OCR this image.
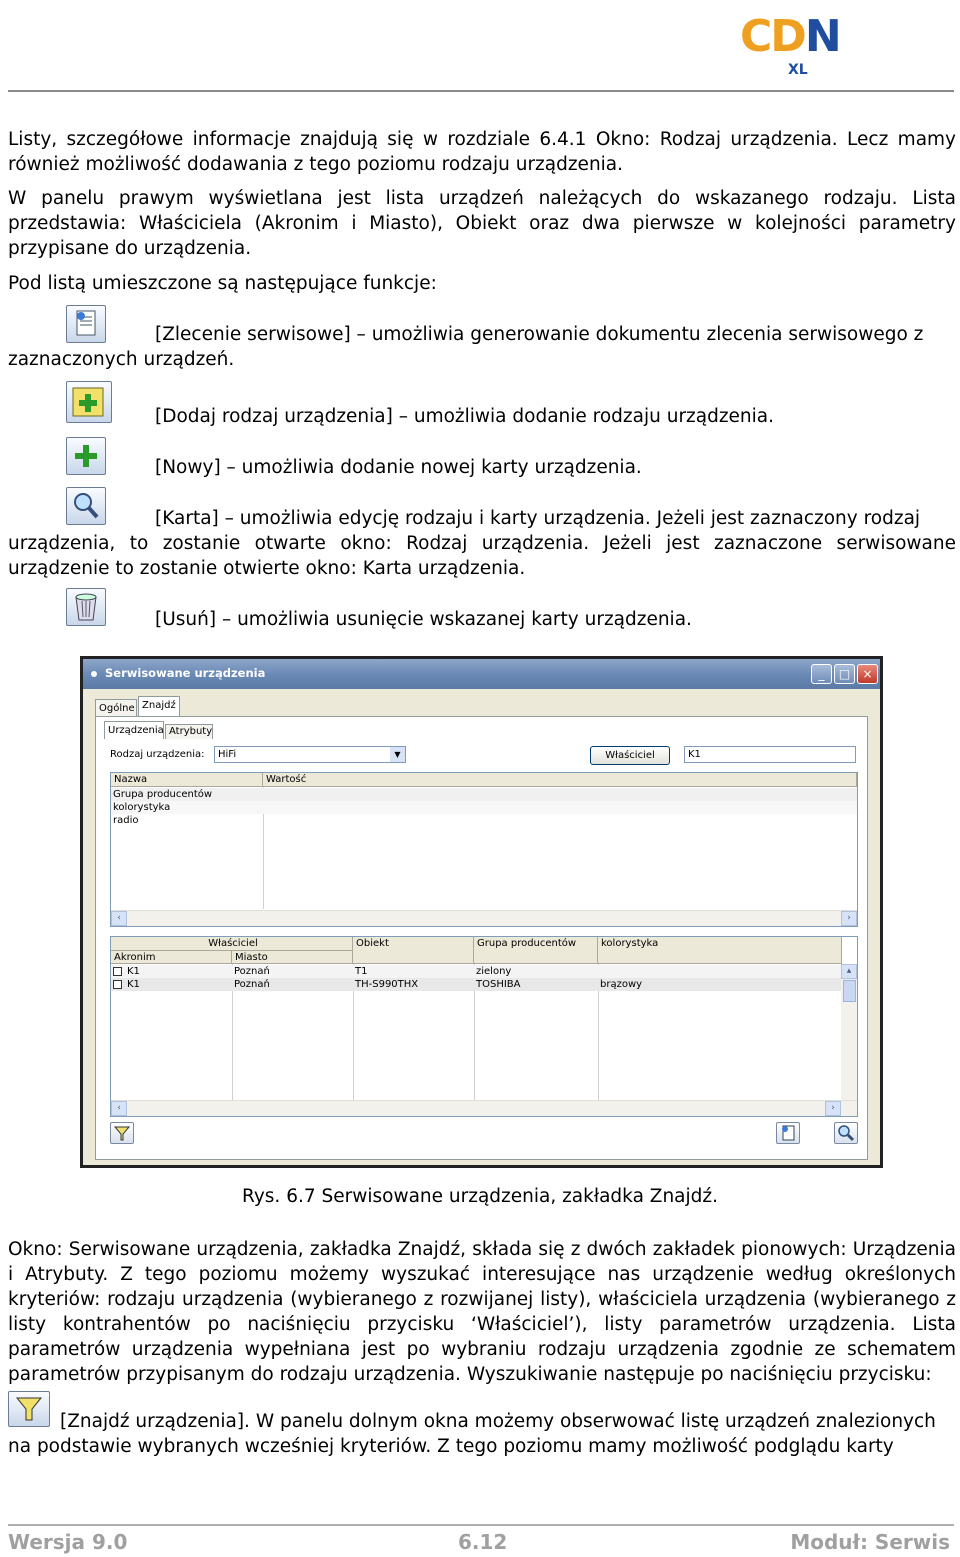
CDN
XL
Listy, szczegółowe informacje znajdują się w rozdziale 6.4.1 Okno: Rodzaj urządzenia. Lecz mamy również możliwość dodawania z tego poziomu rodzaju urządzenia.
W panelu prawym wyświetlana jest lista urządzeń należących do wskazanego rodzaju. Lista przedstawia: Właściciela (Akronim i Miasto), Obiekt oraz dwa pierwsze w kolejności parametry przypisane do urządzenia.
Pod listą umieszczone są następujące funkcje:
[Zlecenie serwisowe] – umożliwia generowanie dokumentu zlecenia serwisowego z
zaznaczonych urządzeń.
[Dodaj rodzaj urządzenia] – umożliwia dodanie rodzaju urządzenia.
[Nowy] – umożliwia dodanie nowej karty urządzenia.
[Karta] – umożliwia edycję rodzaju i karty urządzenia. Jeżeli jest zaznaczony rodzaj
urządzenia, to zostanie otwarte okno: Rodzaj urządzenia. Jeżeli jest zaznaczone serwisowane urządzenie to zostanie otwierte okno: Karta urządzenia.
[Usuń] – umożliwia usunięcie wskazanej karty urządzenia.
Serwisowane urządzenia	_	□	×
Ogólne Znajdź
Urządzenia Atrybuty
Rodzaj urządzenia:	HiFi	▼	Właściciel	K1
Nazwa	Wartość
Grupa producentów
kolorystyka
radio
‹	›
Właściciel	Obiekt	Grupa producentów	kolorystyka
Akronim	Miasto
K1	Poznań	T1	zielony
K1	Poznań	TH-S990THX	TOSHIBA	brązowy
▴
‹	›
Rys. 6.7 Serwisowane urządzenia, zakładka Znajdź.
Okno: Serwisowane urządzenia, zakładka Znajdź, składa się z dwóch zakładek pionowych: Urządzenia i Atrybuty. Z tego poziomu możemy wyszukać interesujące nas urządzenie według określonych kryteriów: rodzaju urządzenia (wybieranego z rozwijanej listy), właściciela urządzenia (wybieranego z listy kontrahentów po naciśnięciu przycisku ‘Właściciel’), listy parametrów urządzenia. Lista parametrów urządzenia wypełniana jest po wybraniu rodzaju urządzenia zgodnie ze schematem parametrów przypisanym do rodzaju urządzenia. Wyszukiwanie następuje po naciśnięciu przycisku:
[Znajdź urządzenia]. W panelu dolnym okna możemy obserwować listę urządzeń znalezionych
na podstawie wybranych wcześniej kryteriów. Z tego poziomu mamy możliwość podglądu karty
Wersja 9.0	6.12	Moduł: Serwis
